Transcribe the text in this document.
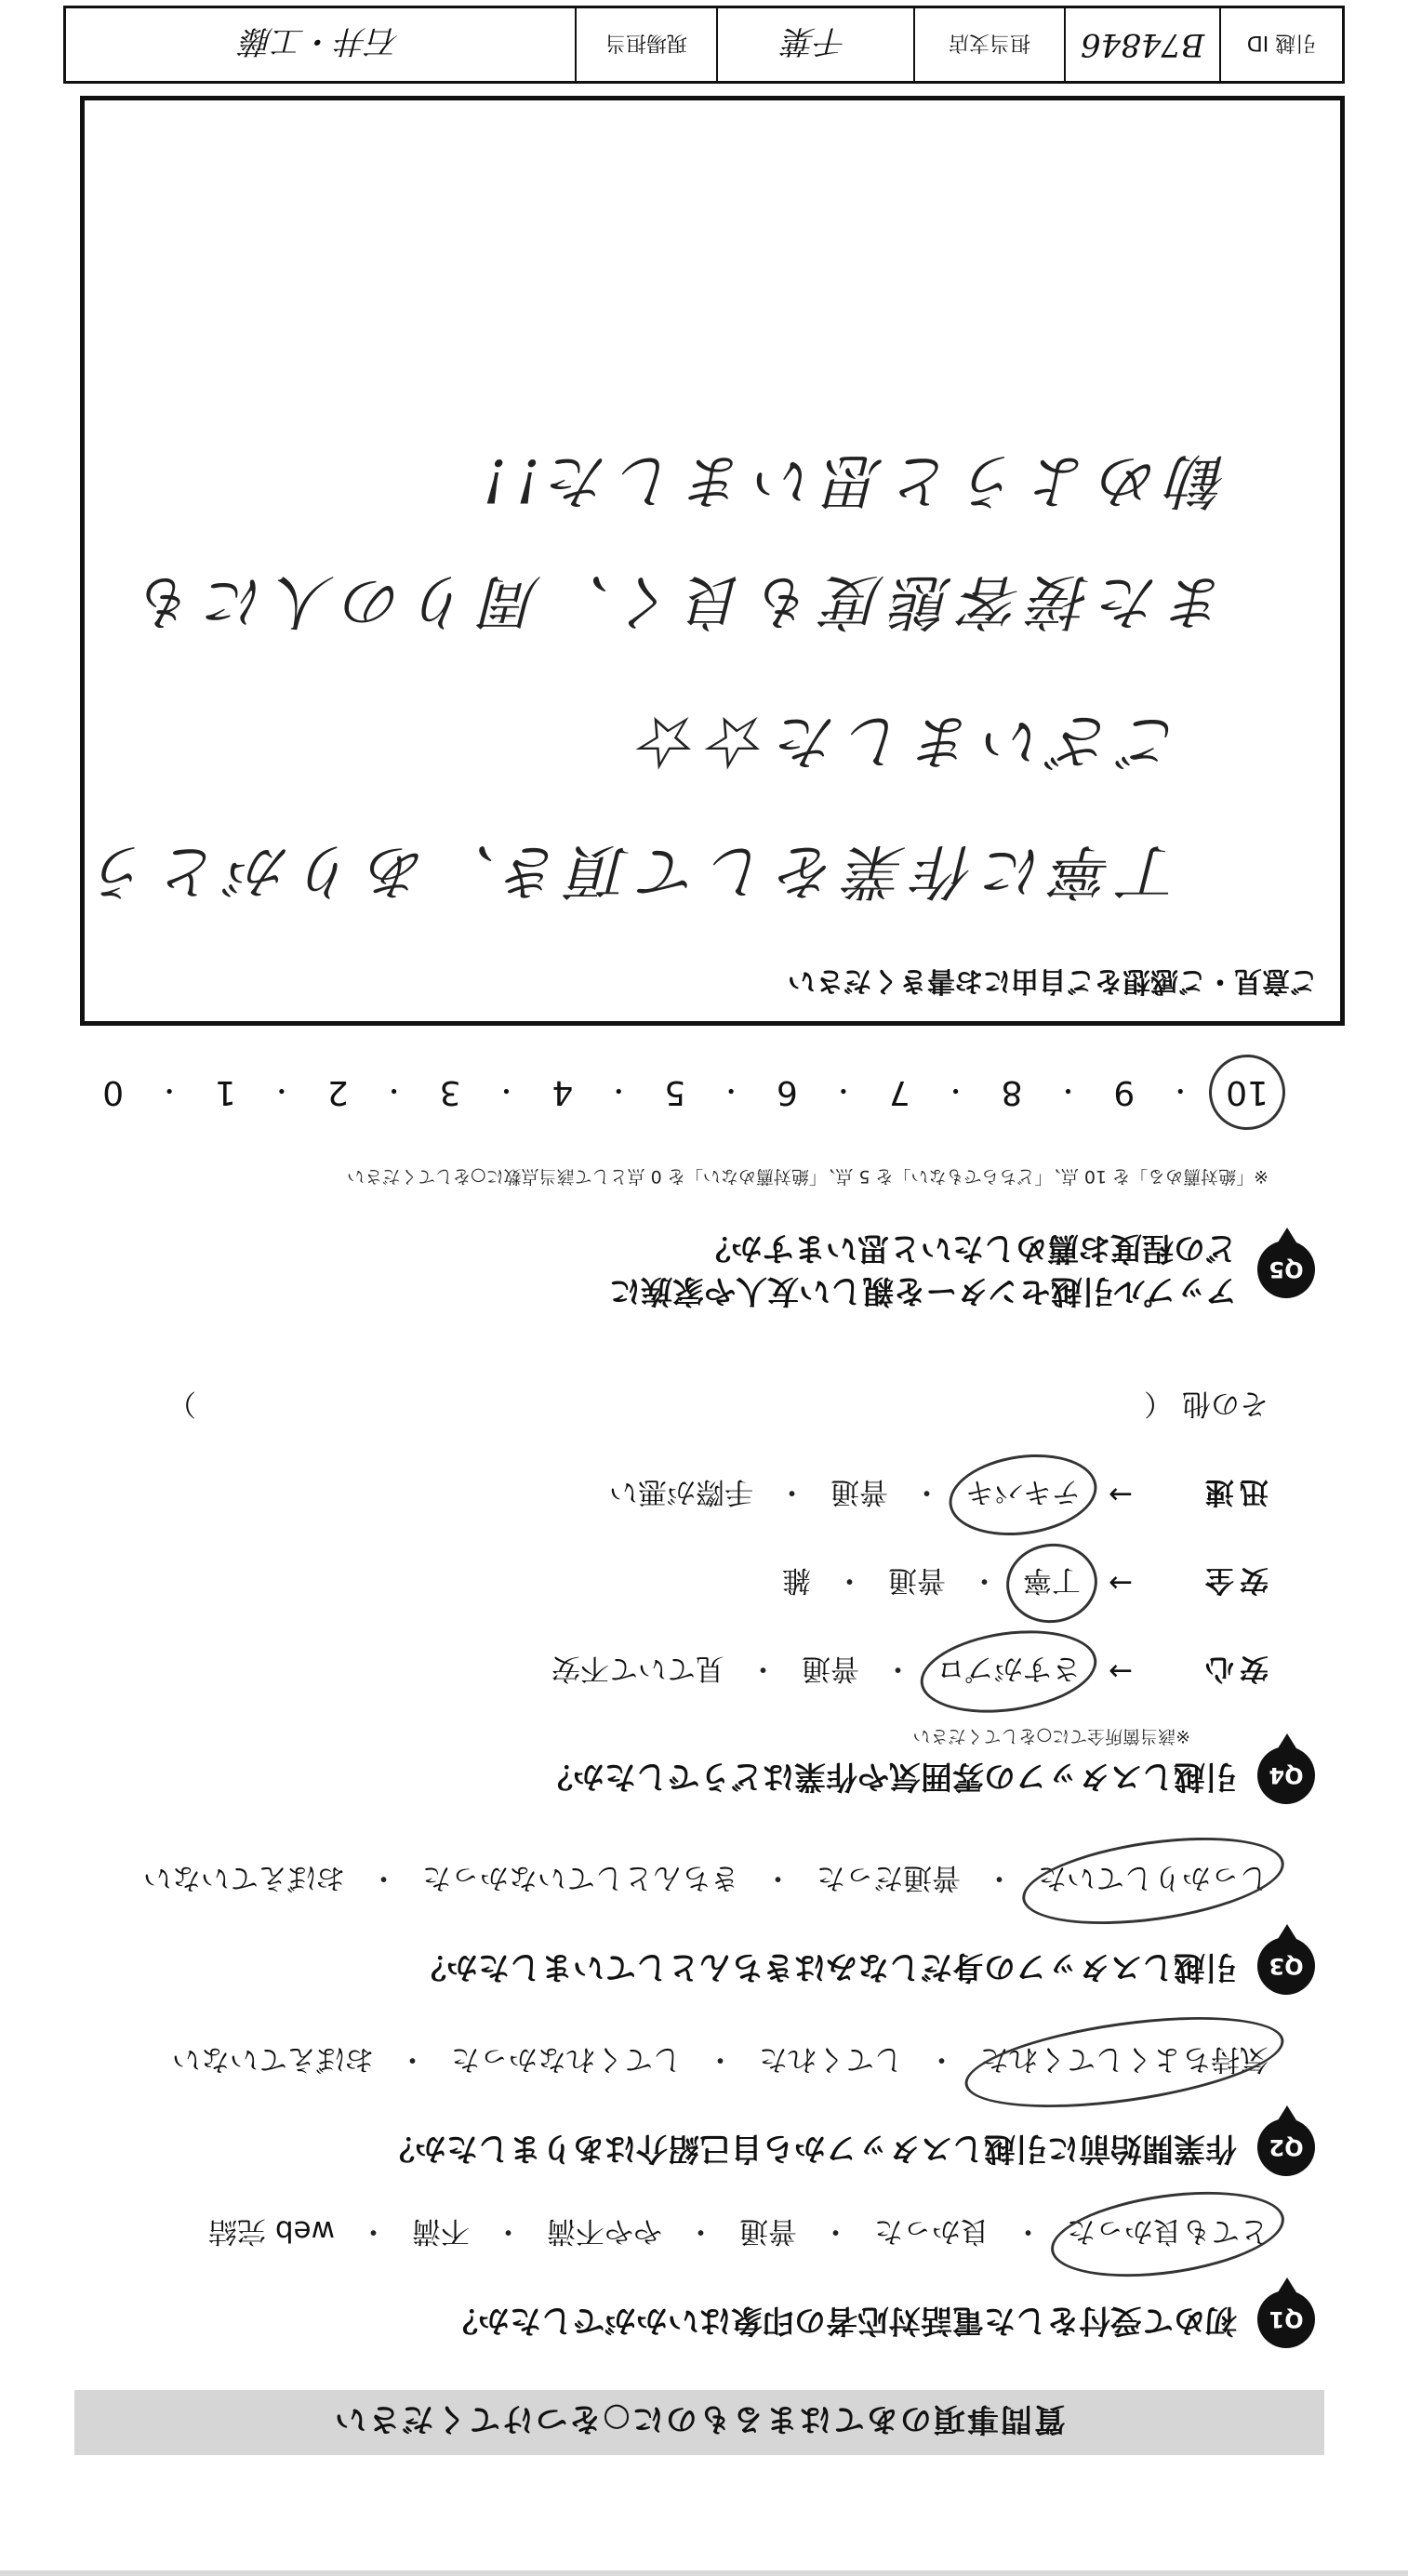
質問事項のあてはまるものに○をつけてください
Q1
初めて受付をした電話対応者の印象はいかがでしたか？
とても良かった
・
良かった
・
普通
・
やや不満
・
不満
・
web 完結
Q2
作業開始前に引越しスタッフから自己紹介はありましたか？
気持ちよくしてくれた
・
してくれた
・
してくれなかった
・
おぼえていない
Q3
引越しスタッフの身だしなみはきちんとしていましたか？
しっかりしていた
・
普通だった
・
きちんとしていなかった
・
おぼえていない
Q4
引越しスタッフの雰囲気や作業はどうでしたか？
※該当箇所全てに○をしてください
安心
→
さすがプロ
・
普通
・
見ていて不安
安全
→
丁寧
・
普通
・
雑
迅速
→
テキパキ
・
普通
・
手際が悪い
その他 （
）
Q5
アップル引越センターを親しい友人や家族に
どの程度お薦めしたいと思いますか？
※「絶対薦める」を 10 点、「どちらでもない」を 5 点、「絶対薦めない」を 0 点として該当点数に○をしてください
10
・
9
・
8
・
7
・
6
・
5
・
4
・
3
・
2
・
1
・
0
ご意見・ご感想をご自由にお書きください
丁寧に作業をして頂き、ありがとう
ございました☆☆
また接客態度も良く、周りの人にも
勧めようと思いました!!
引越 ID
B74846
担当支店
千葉
現場担当
石井・工藤
